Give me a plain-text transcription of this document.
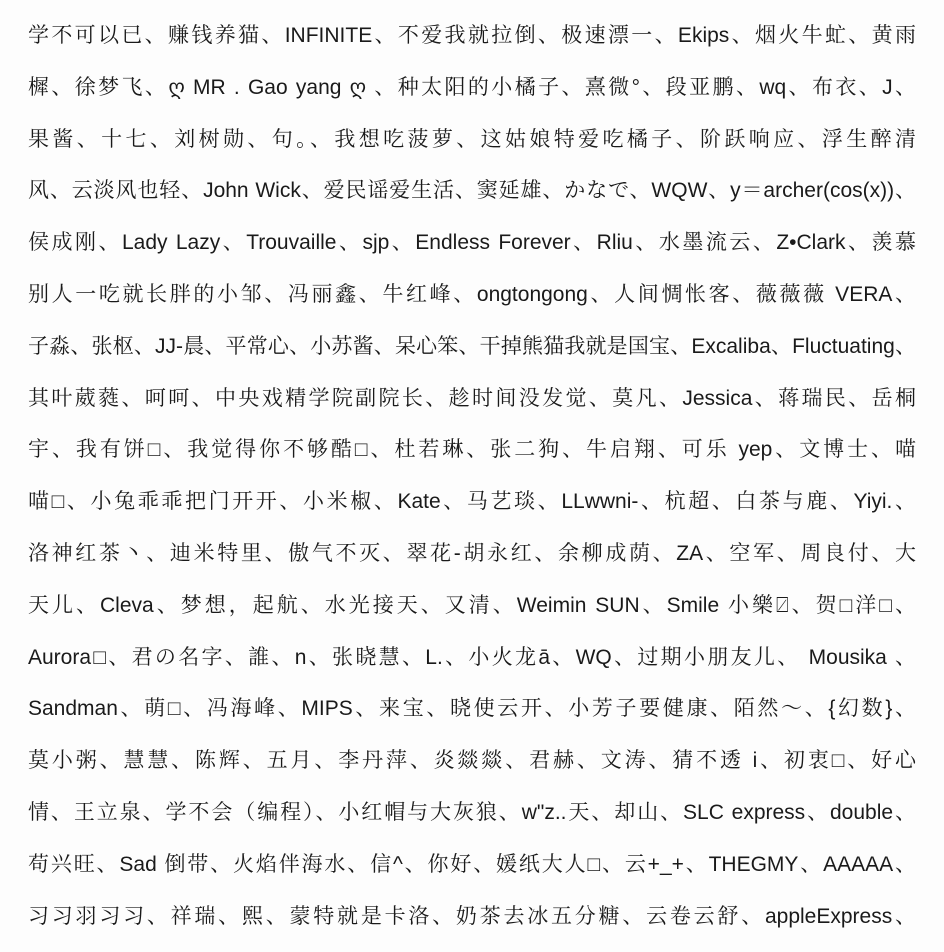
学不可以已、赚钱养猫、INFINITE、不爱我就拉倒、极速漂一、Ekips、烟火牛虻、黄雨
樨、徐梦飞、ღ MR . Gao yang ღ 、种太阳的小橘子、熹微°、段亚鹏、wq、布衣、J、
果酱、十七、刘树勋、句。、我想吃菠萝、这姑娘特爱吃橘子、阶跃响应、浮生醉清
风、云淡风也轻、John Wick、爱民谣爱生活、窦延雄、かなで、WQW、y＝archer(cos(x))、
侯成刚、Lady Lazy、Trouvaille、sjp、Endless Forever、Rliu、水墨流云、Z•Clark、羡慕
别人一吃就长胖的小邹、冯丽鑫、牛红峰、ongtongong、人间惆怅客、薇薇薇 VERA、
子淼、张枢、JJ-晨、平常心、小苏酱、呆心笨、干掉熊猫我就是国宝、Excaliba、Fluctuating、
其叶葳蕤、呵呵、中央戏精学院副院长、趁时间没发觉、莫凡、Jessica、蒋瑞民、岳桐
宇、我有饼□、我觉得你不够酷□、杜若琳、张二狗、牛启翔、可乐 yep、文博士、喵
喵□、小兔乖乖把门开开、小米椒、Kate、马艺琰、LLwwni-、杭超、白茶与鹿、Yiyi.、
洛神红茶丶、迪米特里、傲气不灭、翠花-胡永红、余柳成荫、ZA、空军、周良付、大
天儿、Cleva、梦想，起航、水光接天、又清、Weimin SUN、Smile 小樂⍁、贺□洋□、
Aurora□、君の名字、誰、n、张晓慧、L.、小火龙ā、WQ、过期小朋友儿、 Mousika 、
Sandman、萌□、冯海峰、MIPS、来宝、晓使云开、小芳子要健康、陌然～、{幻数}、
莫小粥、慧慧、陈辉、五月、李丹萍、炎燚燚、君赫、文涛、猜不透 i、初衷□、好心
情、王立泉、学不会（编程）、小红帽与大灰狼、w"z..天、却山、SLC express、double、
苟兴旺、Sad 倒带、火焰伴海水、信^、你好、媛纸大人□、云+_+、THEGMY、AAAAA、
习习羽习习、祥瑞、熙、蒙特就是卡洛、奶茶去冰五分糖、云卷云舒、appleExpress、
